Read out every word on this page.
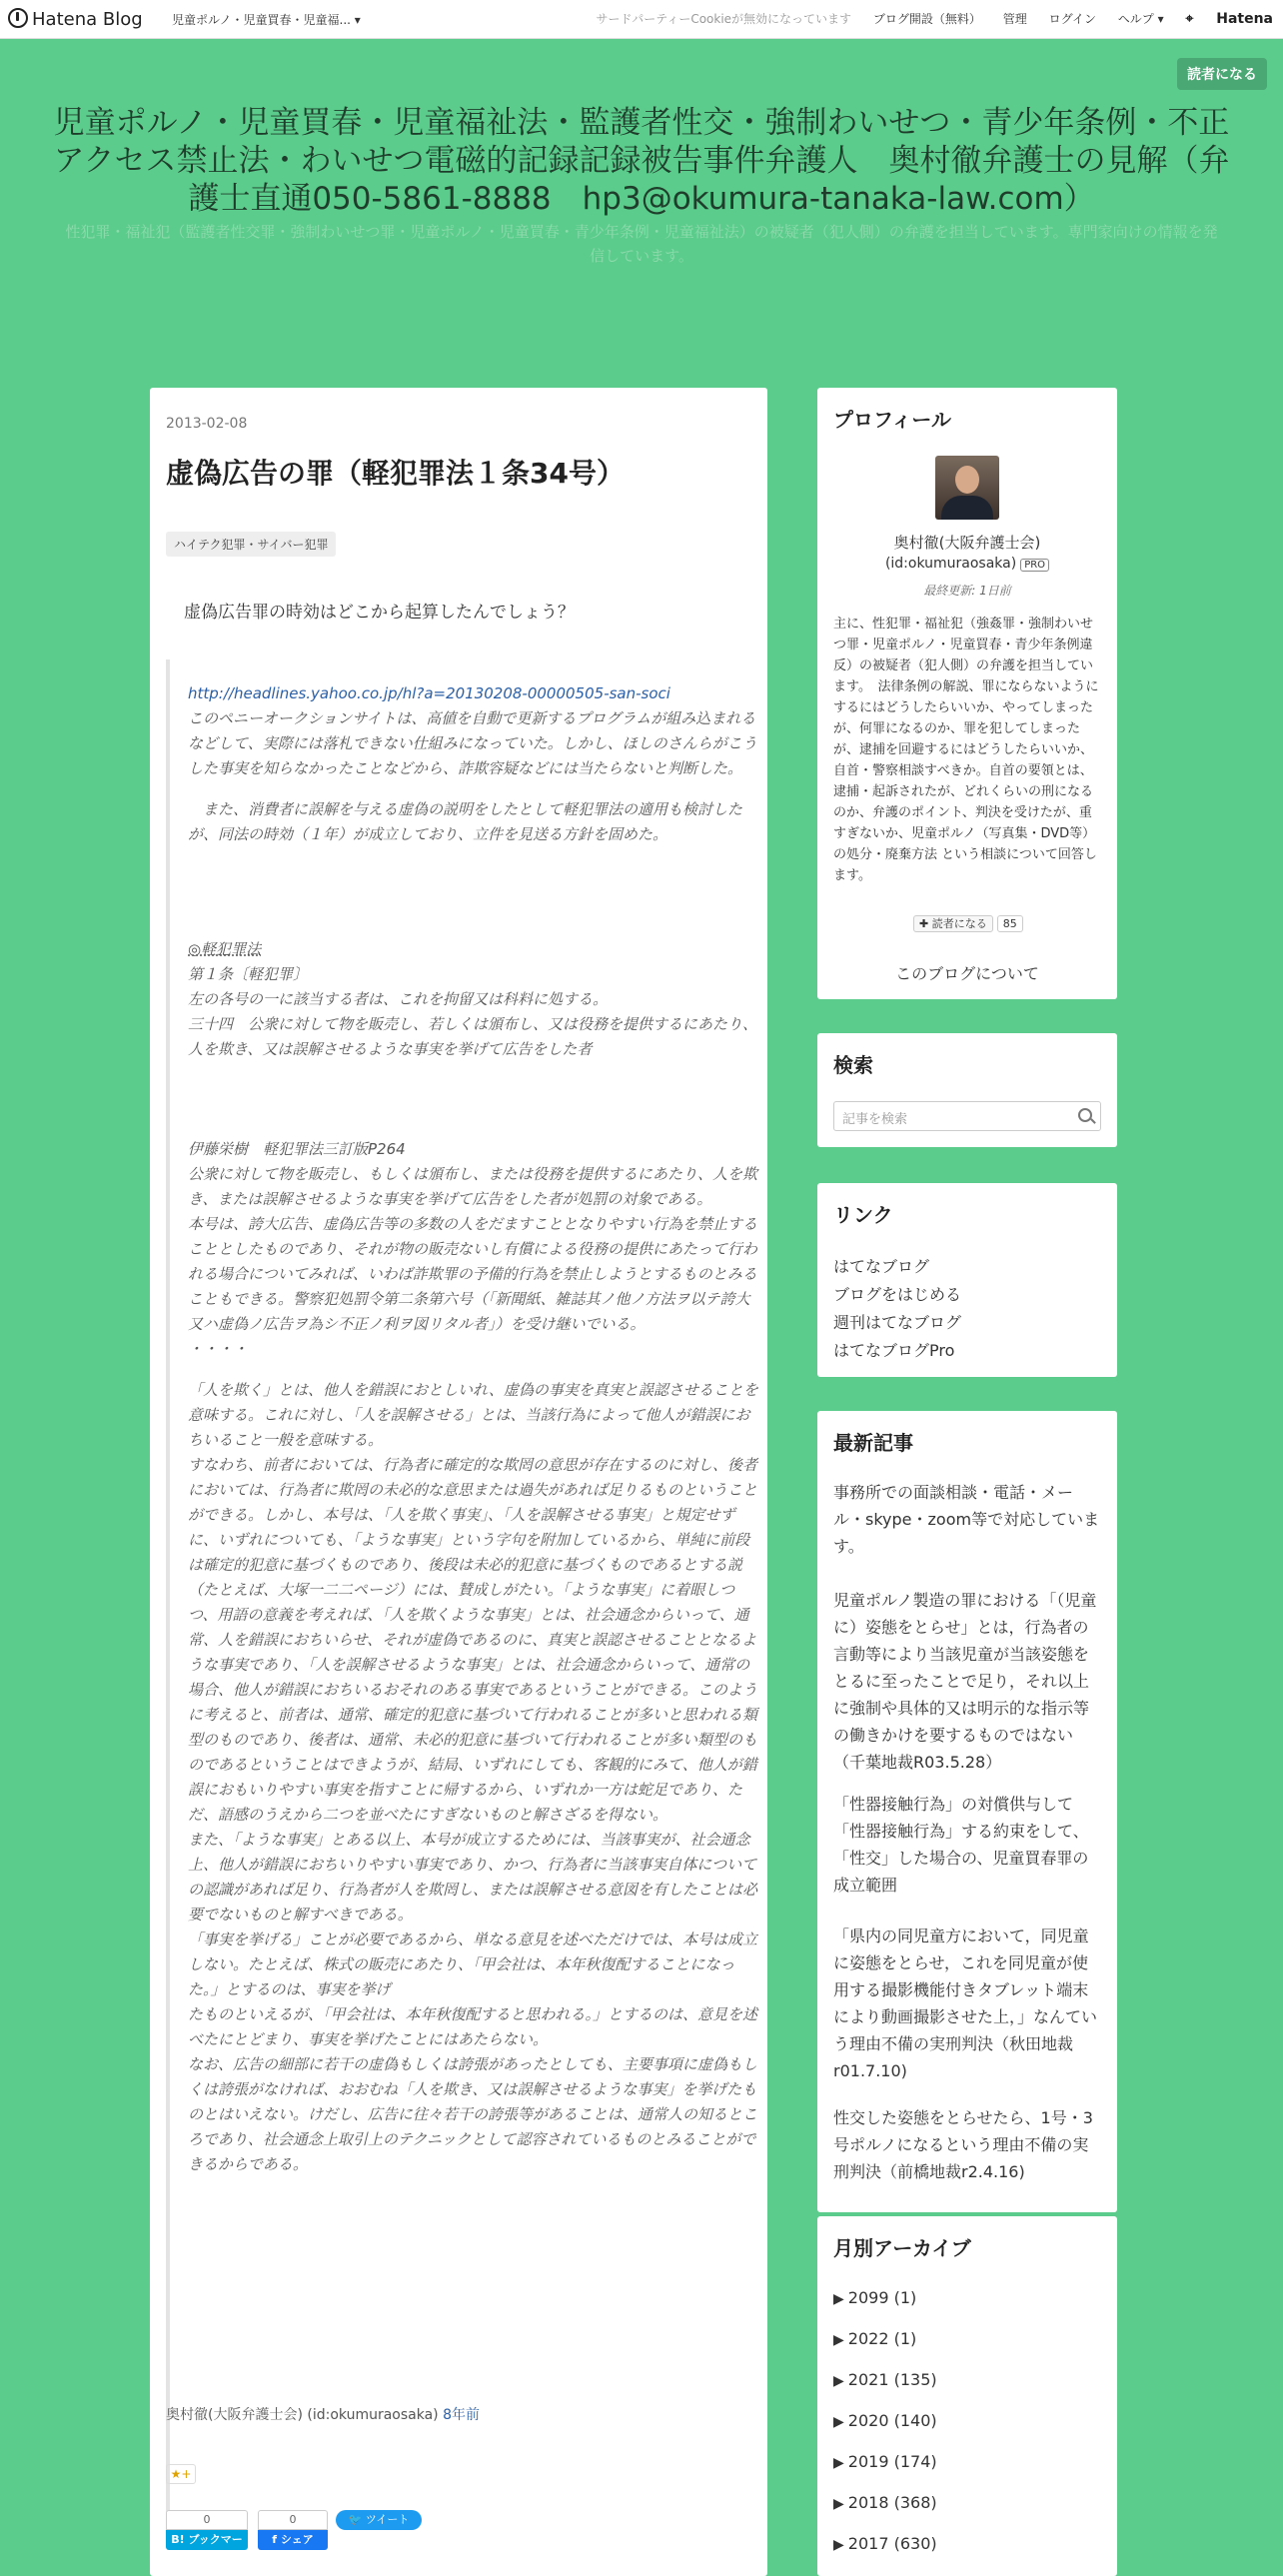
Hatena Blog 児童ポルノ・児童買春・児童福... ▾	サードパーティーCookieが無効になっています ブログ開設（無料） 管理 ログイン ヘルプ ▾ ⌖ Hatena
読者になる
児童ポルノ・児童買春・児童福祉法・監護者性交・強制わいせつ・青少年条例・不正アクセス禁止法・わいせつ電磁的記録記録被告事件弁護人　奥村徹弁護士の見解（弁護士直通050-5861-8888　hp3@okumura-tanaka-law.com）
性犯罪・福祉犯（監護者性交罪・強制わいせつ罪・児童ポルノ・児童買春・青少年条例・児童福祉法）の被疑者（犯人側）の弁護を担当しています。専門家向けの情報を発信しています。
2013-02-08
虚偽広告の罪（軽犯罪法１条34号）
ハイテク犯罪・サイバー犯罪
虚偽広告罪の時効はどこから起算したんでしょう？

http://headlines.yahoo.co.jp/hl?a=20130208-00000505-san-soci
このペニーオークションサイトは、高値を自動で更新するプログラムが組み込まれるなどして、実際には落札できない仕組みになっていた。しかし、ほしのさんらがこうした事実を知らなかったことなどから、詐欺容疑などには当たらないと判断した。

　また、消費者に誤解を与える虚偽の説明をしたとして軽犯罪法の適用も検討したが、同法の時効（１年）が成立しており、立件を見送る方針を固めた。

◎軽犯罪法
第１条〔軽犯罪〕
左の各号の一に該当する者は、これを拘留又は科料に処する。
三十四　公衆に対して物を販売し、若しくは頒布し、又は役務を提供するにあたり、人を欺き、又は誤解させるような事実を挙げて広告をした者

伊藤栄樹　軽犯罪法三訂版P264
公衆に対して物を販売し、もしくは頒布し、または役務を提供するにあたり、人を欺き、または誤解させるような事実を挙げて広告をした者が処罰の対象である。
本号は、誇大広告、虚偽広告等の多数の人をだますこととなりやすい行為を禁止することとしたものであり、それが物の販売ないし有償による役務の提供にあたって行われる場合についてみれば、いわば詐欺罪の予備的行為を禁止しようとするものとみることもできる。警察犯処罰令第二条第六号（「新聞紙、雑誌其ノ他ノ方法ヲ以テ誇大又ハ虚偽ノ広告ヲ為シ不正ノ利ヲ図リタル者」）を受け継いでいる。
・・・・

「人を欺く」とは、他人を錯誤におとしいれ、虚偽の事実を真実と誤認させることを意味する。これに対し、「人を誤解させる」とは、当該行為によって他人が錯誤におちいること一般を意味する。
すなわち、前者においては、行為者に確定的な欺罔の意思が存在するのに対し、後者においては、行為者に欺罔の未必的な意思または過失があれば足りるものということができる。しかし、本号は、「人を欺く事実」、「人を誤解させる事実」と規定せずに、いずれについても、「ような事実」という字句を附加しているから、単純に前段は確定的犯意に基づくものであり、後段は未必的犯意に基づくものであるとする説（たとえば、大塚一二二ページ）には、賛成しがたい。「ような事実」に着眼しつつ、用語の意義を考えれば、「人を欺くような事実」とは、社会通念からいって、通常、人を錯誤におちいらせ、それが虚偽であるのに、真実と誤認させることとなるような事実であり、「人を誤解させるような事実」とは、社会通念からいって、通常の場合、他人が錯誤におちいるおそれのある事実であるということができる。このように考えると、前者は、通常、確定的犯意に基づいて行われることが多いと思われる類型のものであり、後者は、通常、未必的犯意に基づいて行われることが多い類型のものであるということはできようが、結局、いずれにしても、客観的にみて、他人が錯誤におもいりやすい事実を指すことに帰するから、いずれか一方は蛇足であり、ただ、語感のうえから二つを並べたにすぎないものと解さざるを得ない。
また、「ような事実」とある以上、本号が成立するためには、当該事実が、社会通念上、他人が錯誤におちいりやすい事実であり、かつ、行為者に当該事実自体についての認識があれば足り、行為者が人を欺罔し、または誤解させる意図を有したことは必要でないものと解すべきである。
「事実を挙げる」ことが必要であるから、単なる意見を述べただけでは、本号は成立しない。たとえば、株式の販売にあたり、「甲会社は、本年秋復配することになった。」とするのは、事実を挙げ
たものといえるが、「甲会社は、本年秋復配すると思われる。」とするのは、意見を述べたにとどまり、事実を挙げたことにはあたらない。
なお、広告の細部に若干の虚偽もしくは誇張があったとしても、主要事項に虚偽もしくは誇張がなければ、おおむね「人を欺き、又は誤解させるような事実」を挙げたものとはいえない。けだし、広告に往々若干の誇張等があることは、通常人の知るところであり、社会通念上取引上のテクニックとして認容されているものとみることができるからである。

奥村徹(大阪弁護士会) (id:okumuraosaka) 8年前
★+
0
B! ブックマーク
0
f シェア
🐦 ツイート
プロフィール
奥村徹(大阪弁護士会)
(id:okumuraosaka) PRO
最終更新: 1日前
主に、性犯罪・福祉犯（強姦罪・強制わいせつ罪・児童ポルノ・児童買春・青少年条例違反）の被疑者（犯人側）の弁護を担当しています。　法律条例の解説、罪にならないようにするにはどうしたらいいか、やってしまったが、何罪になるのか、罪を犯してしまったが、逮捕を回避するにはどうしたらいいか、自首・警察相談すべきか。自首の要領とは、逮捕・起訴されたが、どれくらいの刑になるのか、弁護のポイント、判決を受けたが、重すぎないか、児童ポルノ（写真集・DVD等）の処分・廃棄方法 という相談について回答します。
✚ 読者になる 85
このブログについて
検索
記事を検索
リンク
はてなブログ
ブログをはじめる
週刊はてなブログ
はてなブログPro
最新記事
事務所での面談相談・電話・メール・skype・zoom等で対応しています。
児童ポルノ製造の罪における「（児童に）姿態をとらせ」とは，行為者の言動等により当該児童が当該姿態をとるに至ったことで足り，それ以上に強制や具体的又は明示的な指示等の働きかけを要するものではない（千葉地裁R03.5.28）
「性器接触行為」の対償供与して「性器接触行為」する約束をして、「性交」した場合の、児童買春罪の成立範囲
「県内の同児童方において，同児童に姿態をとらせ，これを同児童が使用する撮影機能付きタブレット端末により動画撮影させた上，」なんていう理由不備の実刑判決（秋田地裁r01.7.10)
性交した姿態をとらせたら、1号・3号ポルノになるという理由不備の実刑判決（前橋地裁r2.4.16)
月別アーカイブ
▶ 2099 (1)
▶ 2022 (1)
▶ 2021 (135)
▶ 2020 (140)
▶ 2019 (174)
▶ 2018 (368)
▶ 2017 (630)
